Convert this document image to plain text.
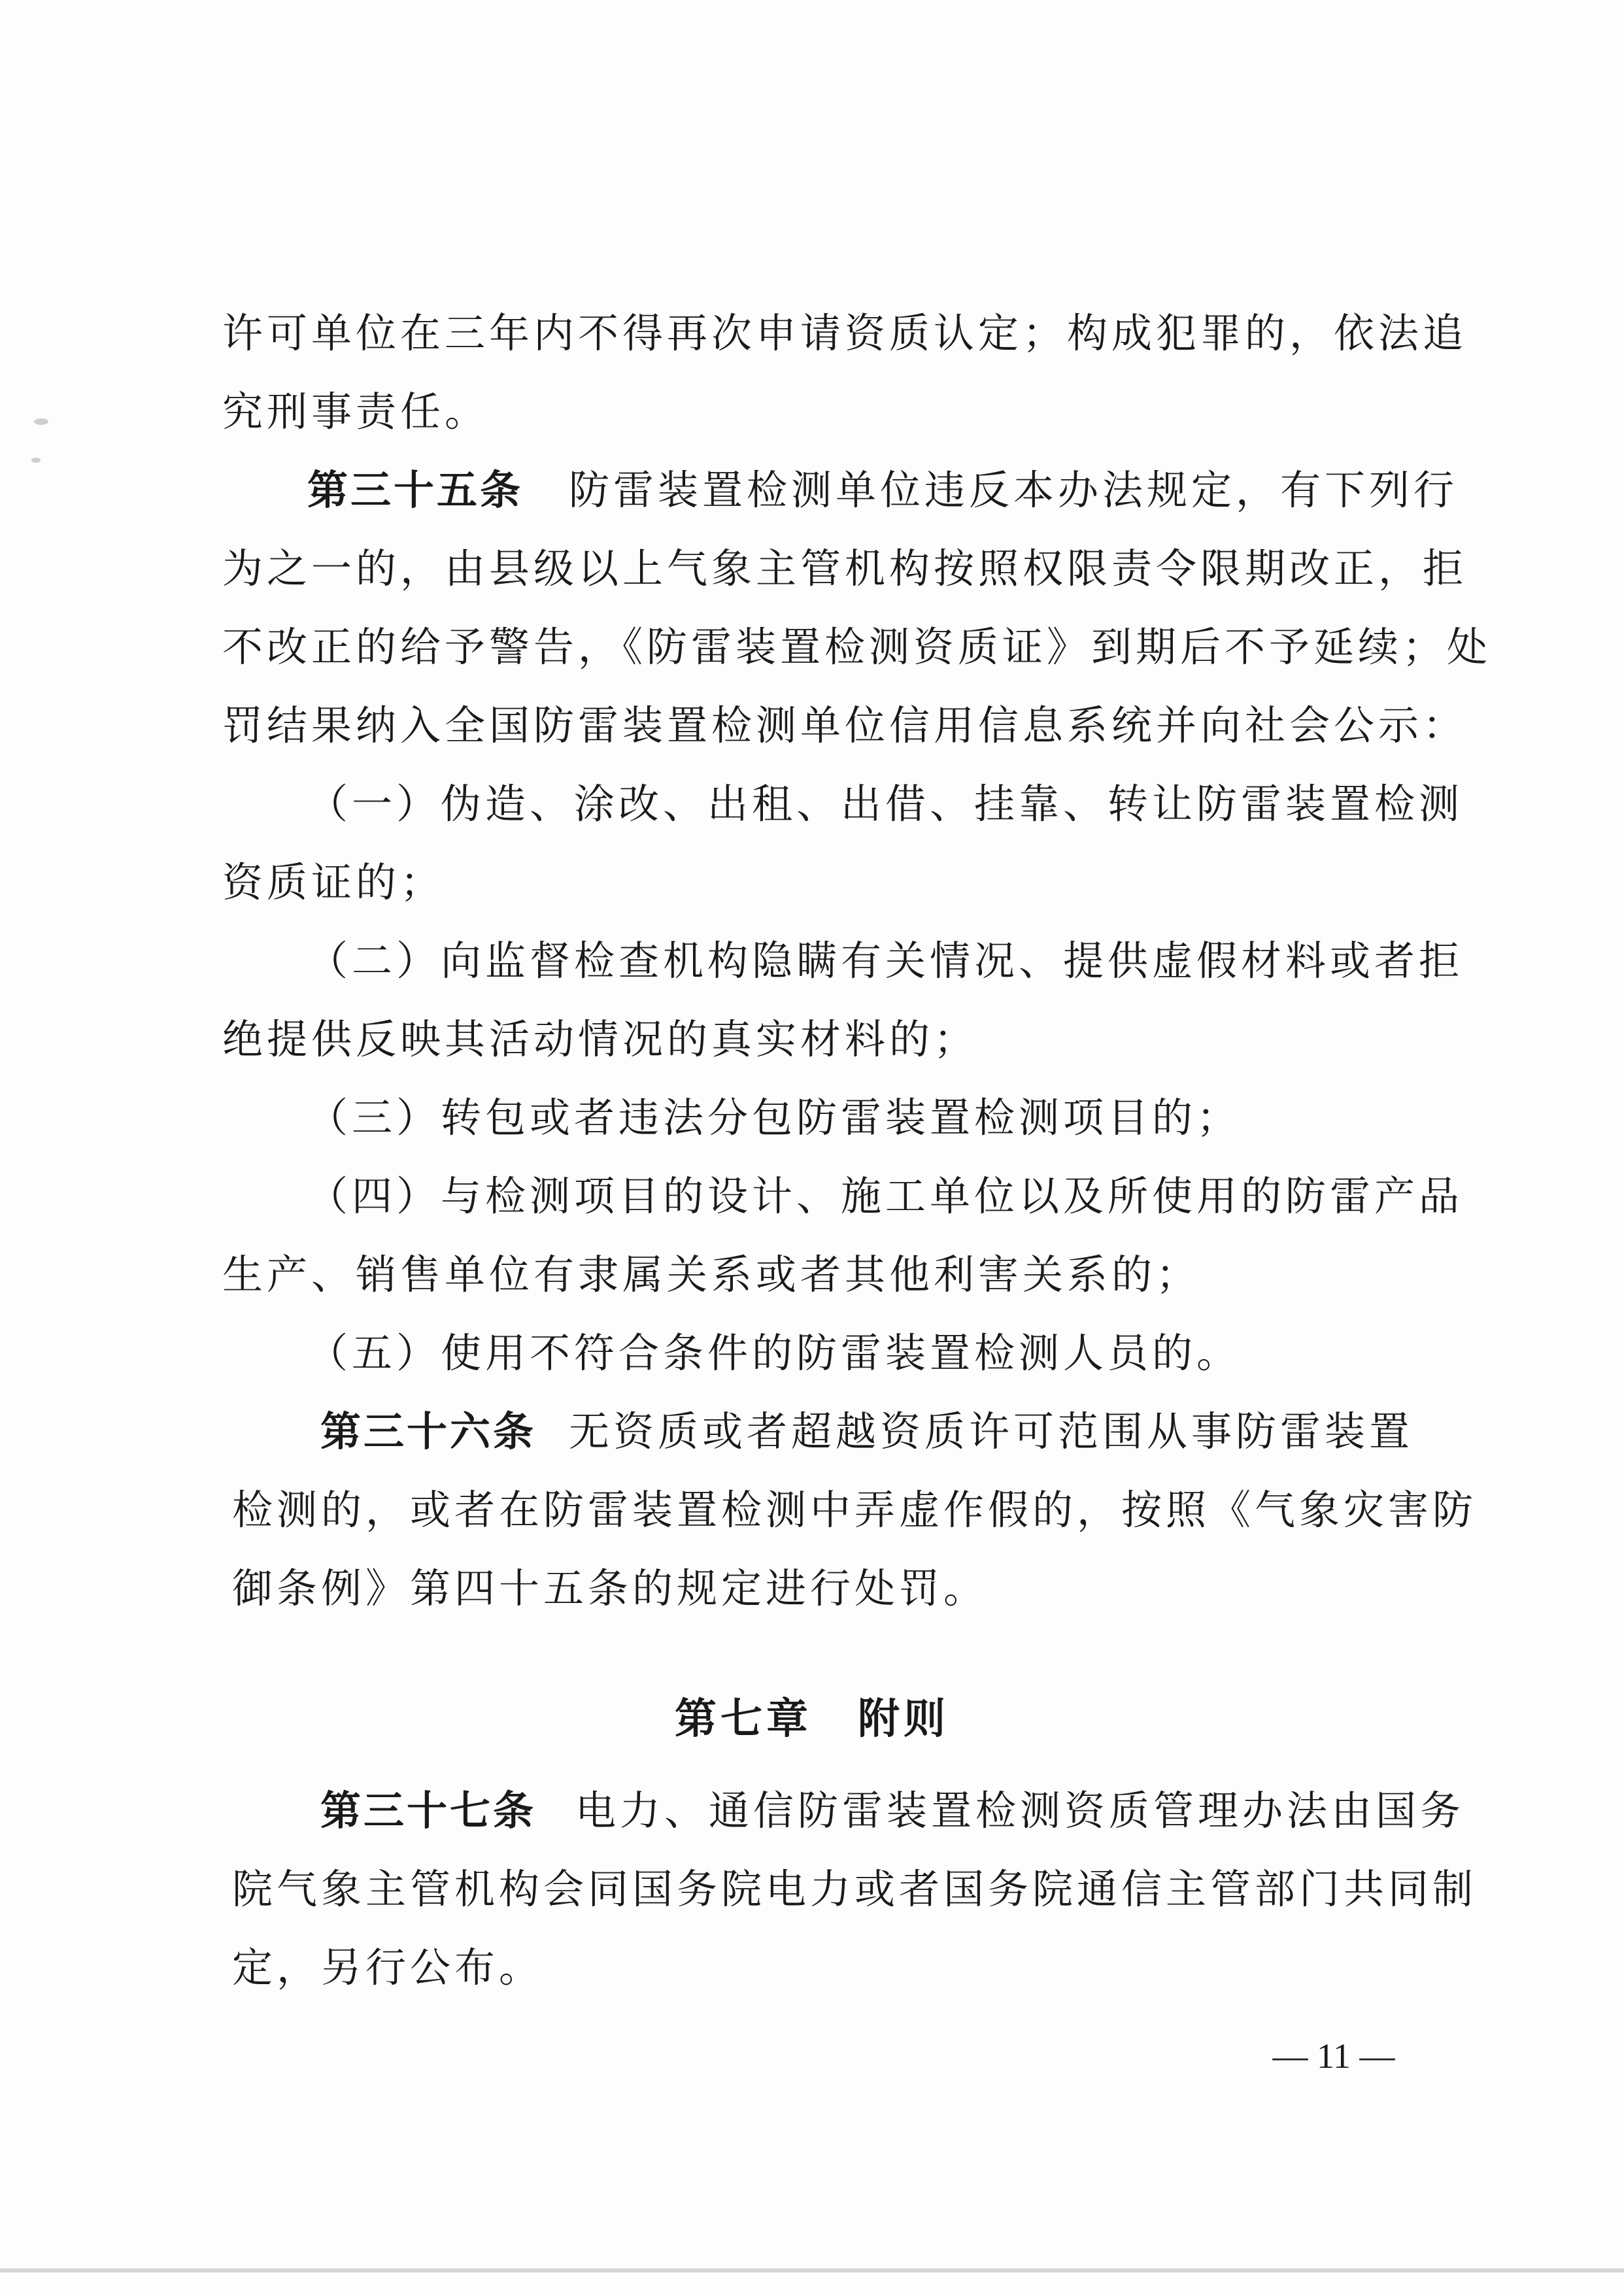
许可单位在三年内不得再次申请资质认定；构成犯罪的，依法追
究刑事责任。
第三十五条 防雷装置检测单位违反本办法规定，有下列行
为之一的，由县级以上气象主管机构按照权限责令限期改正，拒
不改正的给予警告，《防雷装置检测资质证》到期后不予延续；处
罚结果纳入全国防雷装置检测单位信用信息系统并向社会公示：
（一）伪造、涂改、出租、出借、挂靠、转让防雷装置检测
资质证的；
（二）向监督检查机构隐瞒有关情况、提供虚假材料或者拒
绝提供反映其活动情况的真实材料的；
（三）转包或者违法分包防雷装置检测项目的；
（四）与检测项目的设计、施工单位以及所使用的防雷产品
生产、销售单位有隶属关系或者其他利害关系的；
（五）使用不符合条件的防雷装置检测人员的。
第三十六条 无资质或者超越资质许可范围从事防雷装置
检测的，或者在防雷装置检测中弄虚作假的，按照《气象灾害防
御条例》第四十五条的规定进行处罚。
第七章　附则
第三十七条 电力、通信防雷装置检测资质管理办法由国务
院气象主管机构会同国务院电力或者国务院通信主管部门共同制
定，另行公布。
— 11 —
